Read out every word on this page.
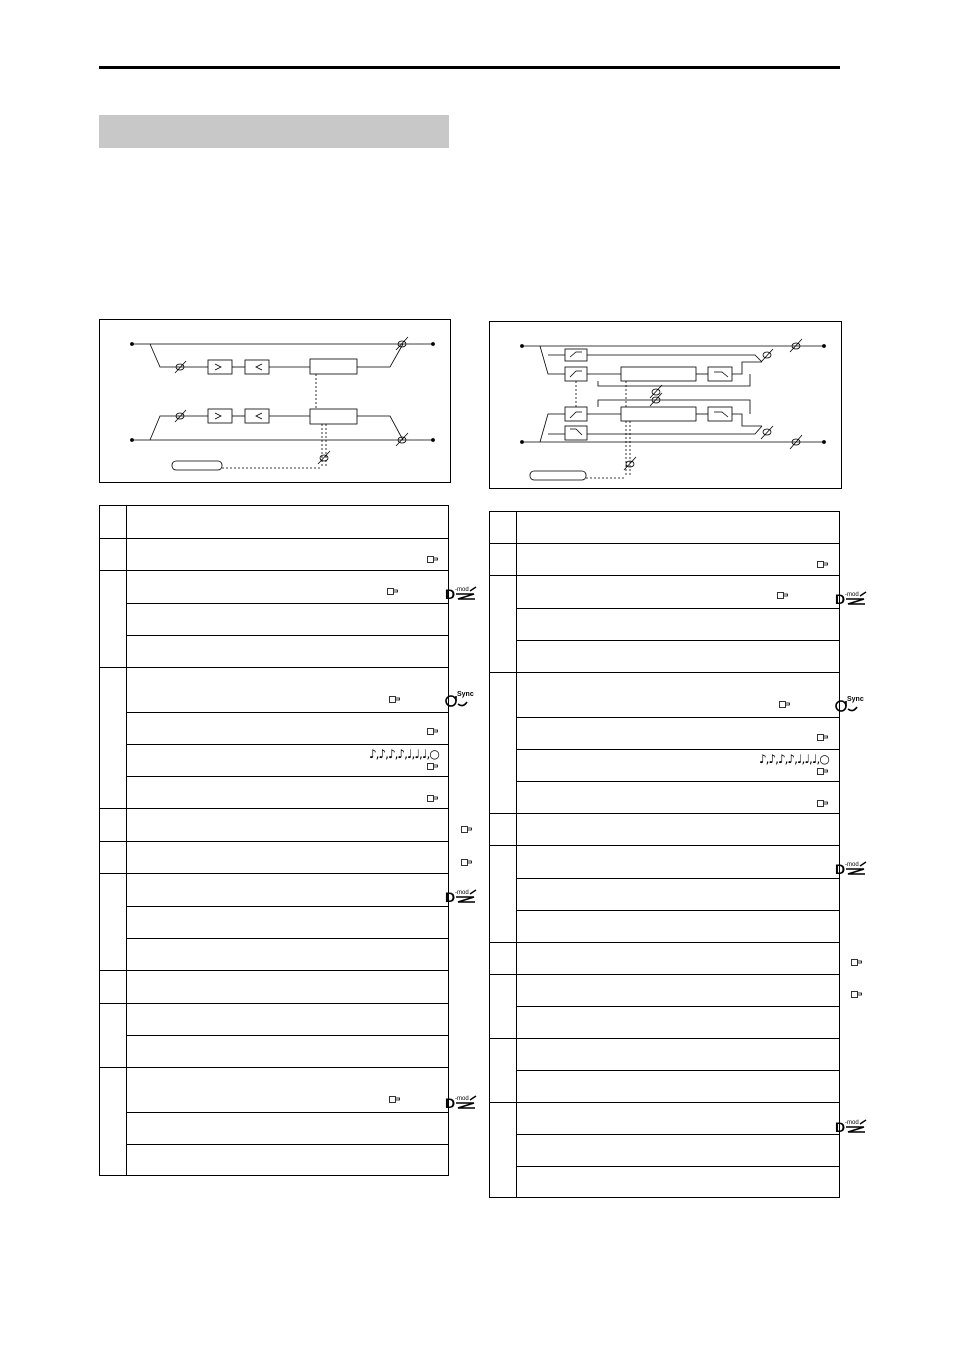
D -mod

Sync

	♪,♪,♪,♪,♩,♩,♩,○

D -mod

D -mod

D -mod

Sync

	♪,♪,♪,♪,♩,♩,♩,○

D -mod

D -mod
